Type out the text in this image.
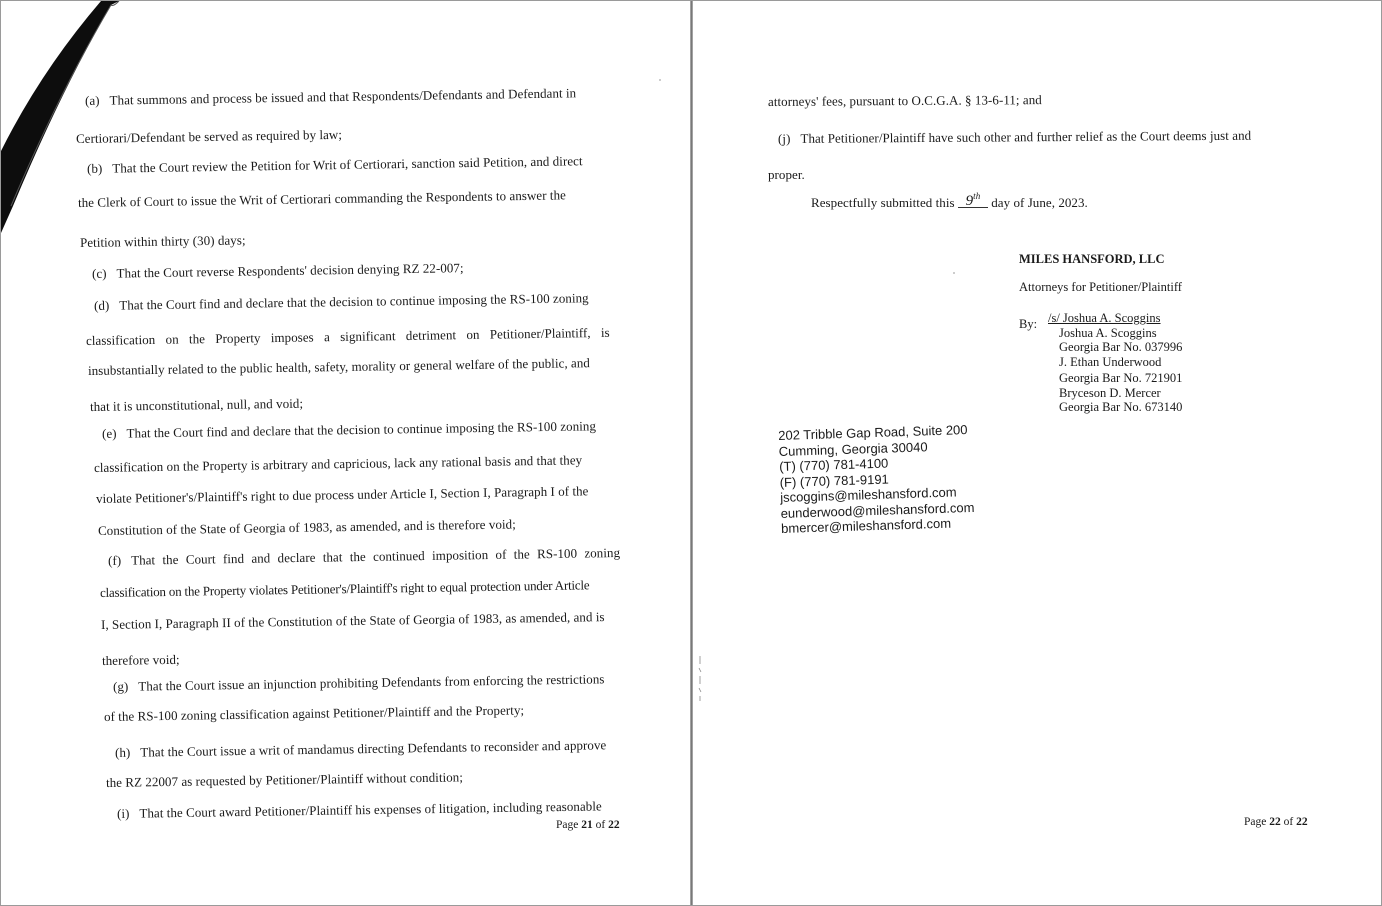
(a) That summons and process be issued and that Respondents/Defendants and Defendant in
Certiorari/Defendant be served as required by law;
(b) That the Court review the Petition for Writ of Certiorari, sanction said Petition, and direct
the Clerk of Court to issue the Writ of Certiorari commanding the Respondents to answer the
Petition within thirty (30) days;
(c) That the Court reverse Respondents' decision denying RZ 22-007;
(d) That the Court find and declare that the decision to continue imposing the RS-100 zoning
classification on the Property imposes a significant detriment on Petitioner/Plaintiff, is
insubstantially related to the public health, safety, morality or general welfare of the public, and
that it is unconstitutional, null, and void;
(e) That the Court find and declare that the decision to continue imposing the RS-100 zoning
classification on the Property is arbitrary and capricious, lack any rational basis and that they
violate Petitioner's/Plaintiff's right to due process under Article I, Section I, Paragraph I of the
Constitution of the State of Georgia of 1983, as amended, and is therefore void;
(f) That the Court find and declare that the continued imposition of the RS-100 zoning
classification on the Property violates Petitioner's/Plaintiff's right to equal protection under Article
I, Section I, Paragraph II of the Constitution of the State of Georgia of 1983, as amended, and is
therefore void;
(g) That the Court issue an injunction prohibiting Defendants from enforcing the restrictions
of the RS-100 zoning classification against Petitioner/Plaintiff and the Property;
(h) That the Court issue a writ of mandamus directing Defendants to reconsider and approve
the RZ 22007 as requested by Petitioner/Plaintiff without condition;
(i) That the Court award Petitioner/Plaintiff his expenses of litigation, including reasonable
Page 21 of 22
attorneys' fees, pursuant to O.C.G.A. § 13-6-11; and
(j) That Petitioner/Plaintiff have such other and further relief as the Court deems just and
proper.
Respectfully submitted this 9th day of June, 2023.
MILES HANSFORD, LLC
Attorneys for Petitioner/Plaintiff
By: /s/ Joshua A. Scoggins
Joshua A. Scoggins
Georgia Bar No. 037996
J. Ethan Underwood
Georgia Bar No. 721901
Bryceson D. Mercer
Georgia Bar No. 673140
202 Tribble Gap Road, Suite 200
Cumming, Georgia 30040
(T) (770) 781-4100
(F) (770) 781-9191
jscoggins@mileshansford.com
eunderwood@mileshansford.com
bmercer@mileshansford.com
Page 22 of 22
